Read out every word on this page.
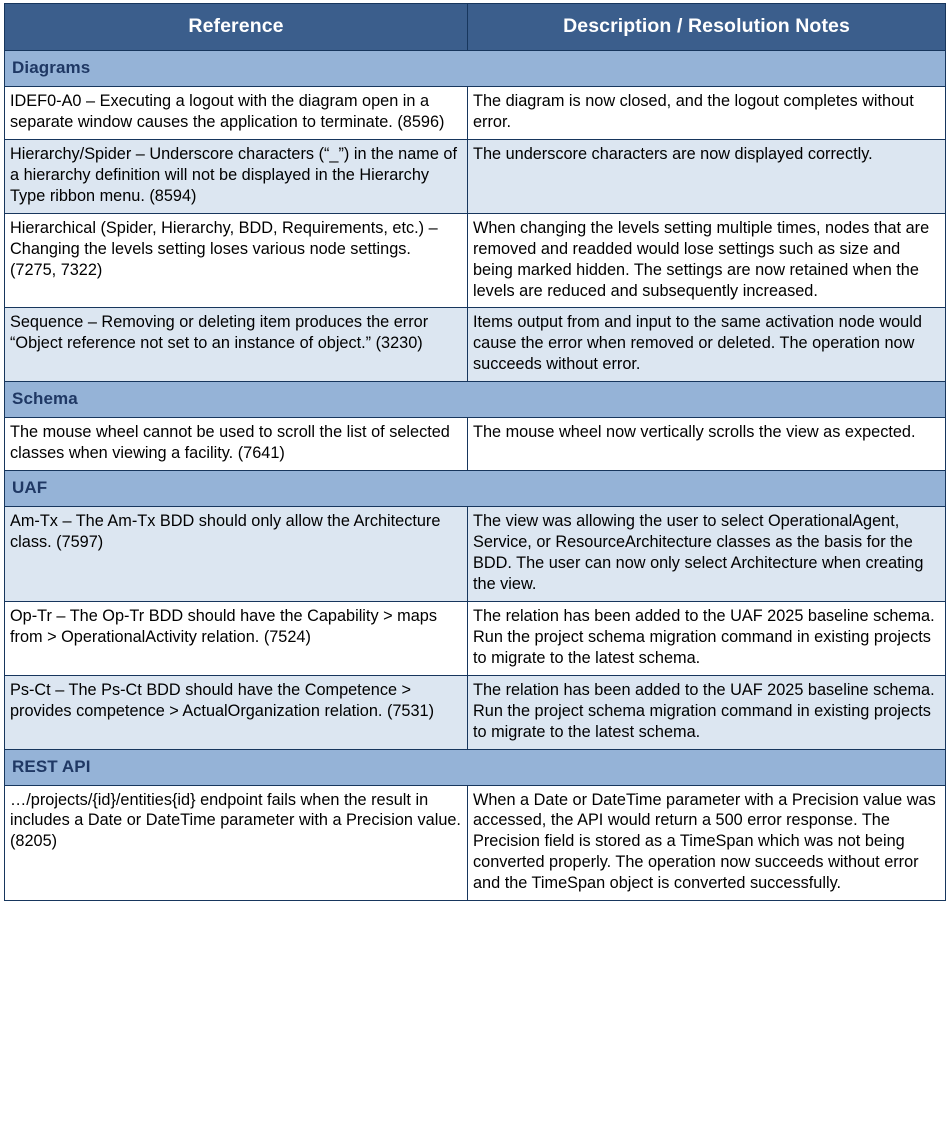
Reference	Description / Resolution Notes
Diagrams	
IDEF0-A0 – Executing a logout with the diagram open in a separate window causes the application to terminate. (8596)	The diagram is now closed, and the logout completes without error.
Hierarchy/Spider – Underscore characters (“_”) in the name of a hierarchy definition will not be displayed in the Hierarchy Type ribbon menu. (8594)	The underscore characters are now displayed correctly.
Hierarchical (Spider, Hierarchy, BDD, Requirements, etc.) – Changing the levels setting loses various node settings. (7275, 7322)	When changing the levels setting multiple times, nodes that are removed and readded would lose settings such as size and being marked hidden. The settings are now retained when the levels are reduced and subsequently increased.
Sequence – Removing or deleting item produces the error “Object reference not set to an instance of object.” (3230)	Items output from and input to the same activation node would cause the error when removed or deleted. The operation now succeeds without error.
Schema	
The mouse wheel cannot be used to scroll the list of selected classes when viewing a facility. (7641)	The mouse wheel now vertically scrolls the view as expected.
UAF	
Am-Tx – The Am-Tx BDD should only allow the Architecture class. (7597)	The view was allowing the user to select OperationalAgent, Service, or ResourceArchitecture classes as the basis for the BDD. The user can now only select Architecture when creating the view.
Op-Tr – The Op-Tr BDD should have the Capability > maps from > OperationalActivity relation. (7524)	The relation has been added to the UAF 2025 baseline schema. Run the project schema migration command in existing projects to migrate to the latest schema.
Ps-Ct – The Ps-Ct BDD should have the Competence > provides competence > ActualOrganization relation. (7531)	The relation has been added to the UAF 2025 baseline schema. Run the project schema migration command in existing projects to migrate to the latest schema.
REST API	
…/projects/{id}/entities{id} endpoint fails when the result in includes a Date or DateTime parameter with a Precision value. (8205)	When a Date or DateTime parameter with a Precision value was accessed, the API would return a 500 error response. The Precision field is stored as a TimeSpan which was not being converted properly. The operation now succeeds without error and the TimeSpan object is converted successfully.
